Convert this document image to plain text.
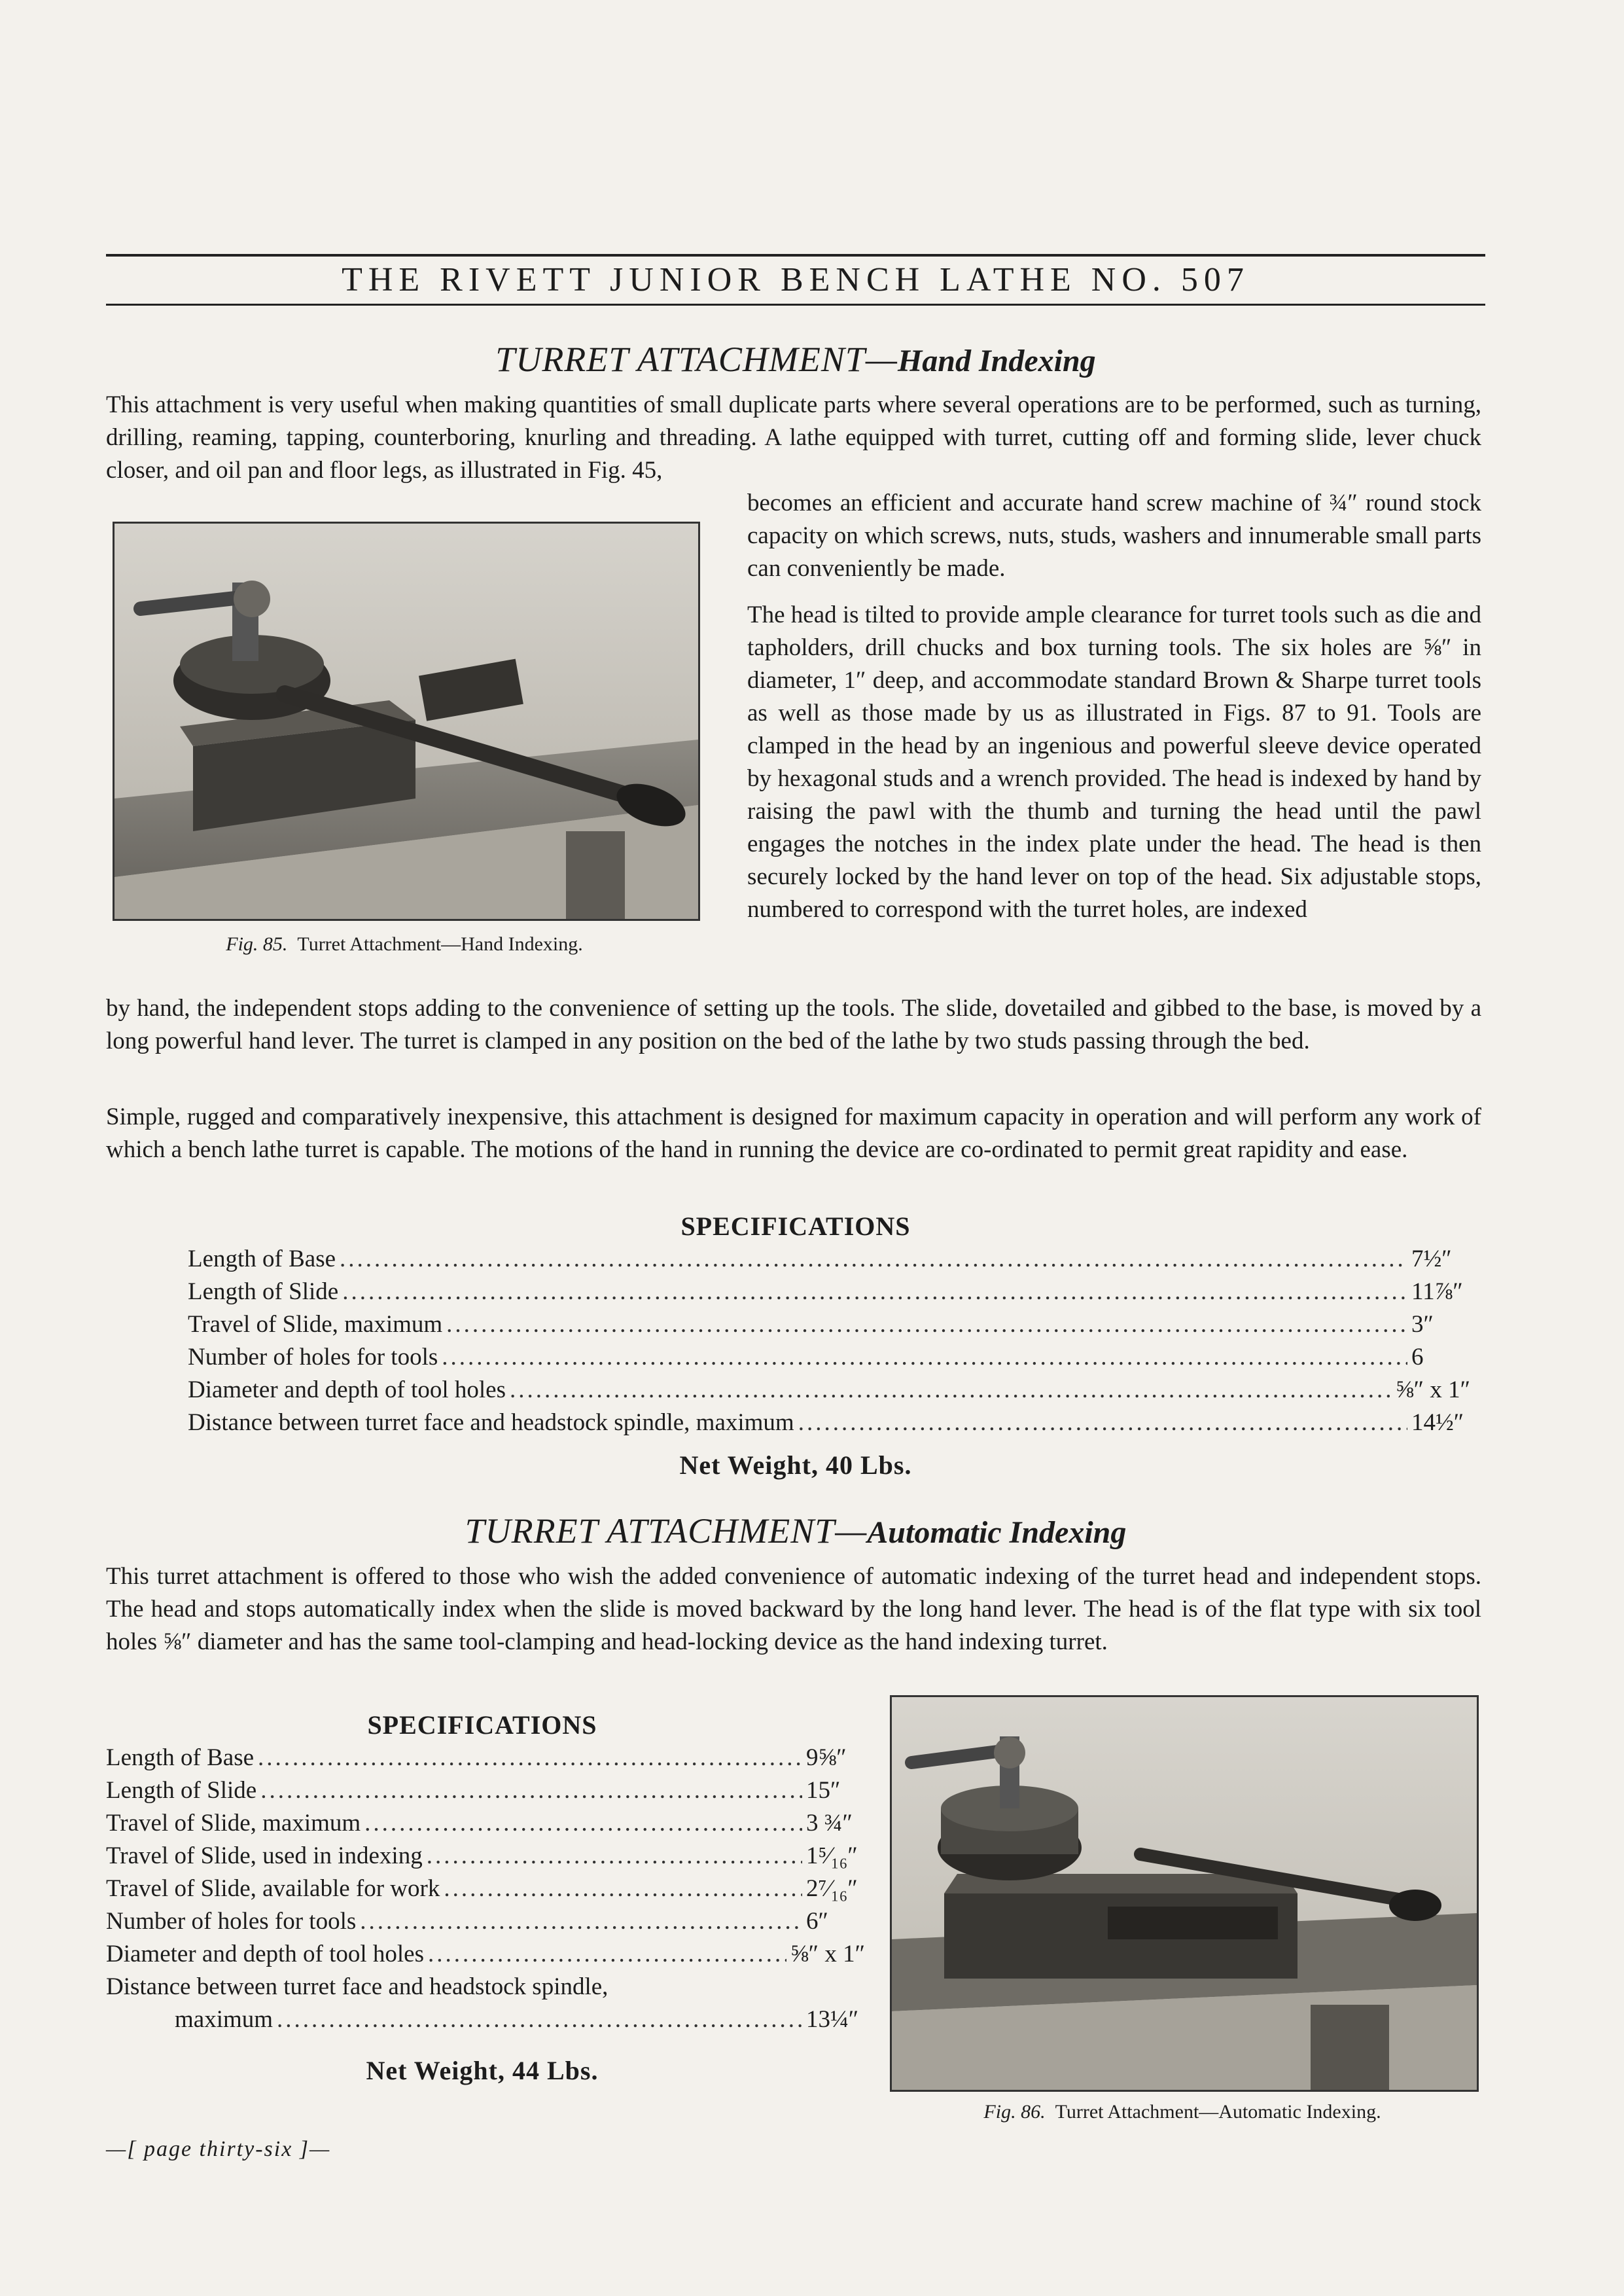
THE RIVETT JUNIOR BENCH LATHE NO. 507
TURRET ATTACHMENT—Hand Indexing
This attachment is very useful when making quantities of small duplicate parts where several operations are to be performed, such as turning, drilling, reaming, tapping, counterboring, knurling and threading. A lathe equipped with turret, cutting off and forming slide, lever chuck closer, and oil pan and floor legs, as illustrated in Fig. 45,
Fig. 85. Turret Attachment—Hand Indexing.
becomes an efficient and accurate hand screw machine of ¾″ round stock capacity on which screws, nuts, studs, washers and innumerable small parts can conveniently be made.
The head is tilted to provide ample clearance for turret tools such as die and tapholders, drill chucks and box turning tools. The six holes are ⅝″ in diameter, 1″ deep, and accommodate standard Brown & Sharpe turret tools as well as those made by us as illustrated in Figs. 87 to 91. Tools are clamped in the head by an ingenious and powerful sleeve device operated by hexagonal studs and a wrench provided. The head is indexed by hand by raising the pawl with the thumb and turning the head until the pawl engages the notches in the index plate under the head. The head is then securely locked by the hand lever on top of the head. Six adjustable stops, numbered to correspond with the turret holes, are indexed
by hand, the independent stops adding to the convenience of setting up the tools. The slide, dovetailed and gibbed to the base, is moved by a long powerful hand lever. The turret is clamped in any position on the bed of the lathe by two studs passing through the bed.
Simple, rugged and comparatively inexpensive, this attachment is designed for maximum capacity in operation and will perform any work of which a bench lathe turret is capable. The motions of the hand in running the device are co-ordinated to permit great rapidity and ease.
SPECIFICATIONS
Length of Base .....	7½″
Length of Slide .....	11⅞″
Travel of Slide, maximum .....	3″
Number of holes for tools .....	6
Diameter and depth of tool holes .....	⅝″ x 1″
Distance between turret face and headstock spindle, maximum .....	14½″
Net Weight, 40 Lbs.
TURRET ATTACHMENT—Automatic Indexing
This turret attachment is offered to those who wish the added convenience of automatic indexing of the turret head and independent stops. The head and stops automatically index when the slide is moved backward by the long hand lever. The head is of the flat type with six tool holes ⅝″ diameter and has the same tool-clamping and head-locking device as the hand indexing turret.
SPECIFICATIONS
Length of Base .....	9⅝″
Length of Slide .....	15″
Travel of Slide, maximum .....	3 ¾″
Travel of Slide, used in indexing .....	1⁵⁄₁₆″
Travel of Slide, available for work .....	2⁷⁄₁₆″
Number of holes for tools .....	6″
Diameter and depth of tool holes .....	⅝″ x 1″
Distance between turret face and headstock spindle,
maximum .....	13¼″
Net Weight, 44 Lbs.
Fig. 86. Turret Attachment—Automatic Indexing.
—[ page thirty-six ]—
